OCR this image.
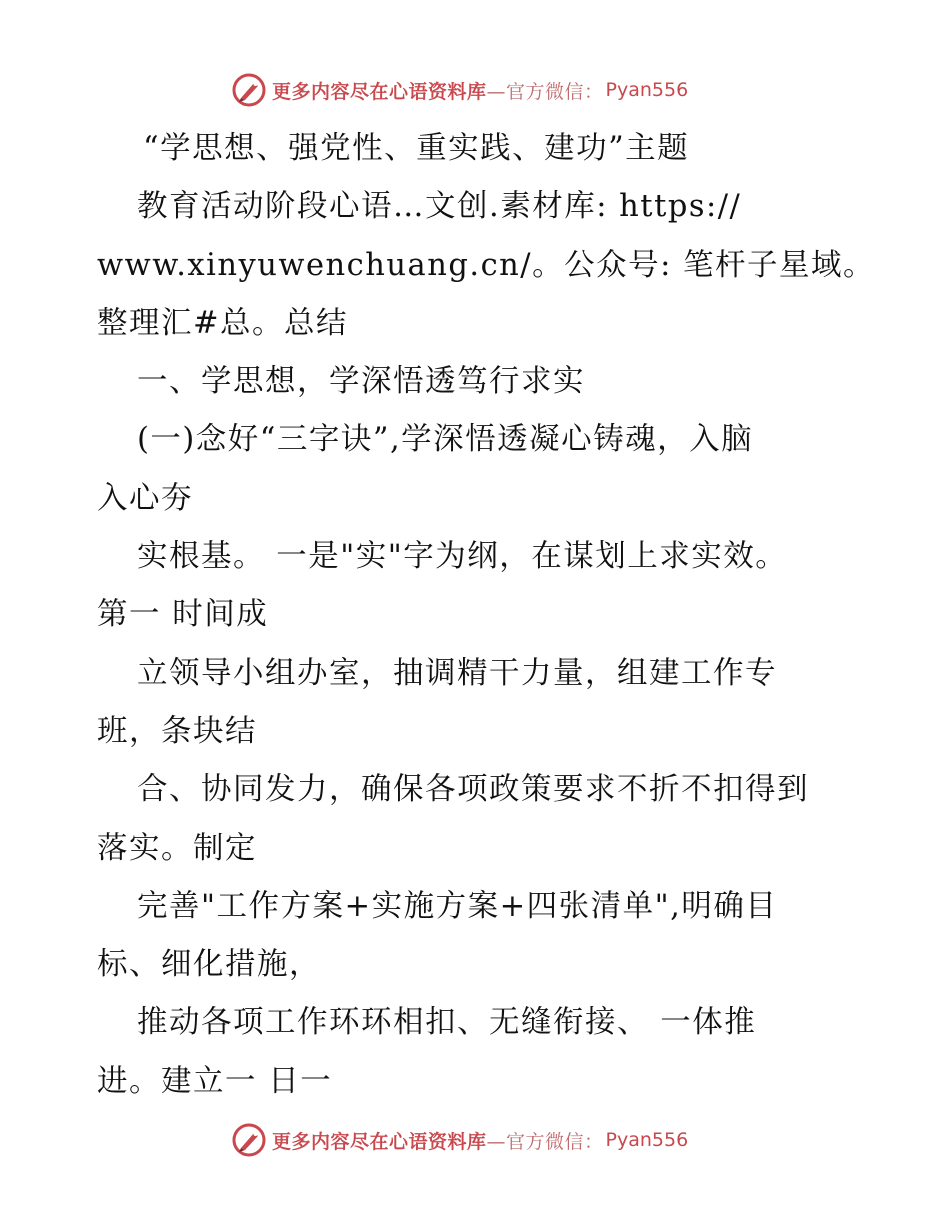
更多内容尽在心语资料库 —官方微信： Pyan556
“学思想、强党性、重实践、建功”主题
教育活动阶段心语…文创.素材库: https://
www.xinyuwenchuang.cn/。公众号: 笔杆子星域。
整理汇#总。总结
一、学思想，学深悟透笃行求实
(一)念好“三字诀”,学深悟透凝心铸魂，入脑
入心夯
实根基。 一是"实"字为纲，在谋划上求实效。
第一 时间成
立领导小组办室，抽调精干力量，组建工作专
班，条块结
合、协同发力，确保各项政策要求不折不扣得到
落实。制定
完善"工作方案+实施方案+四张清单",明确目
标、细化措施，
推动各项工作环环相扣、无缝衔接、 一体推
进。建立一 日一
更多内容尽在心语资料库 —官方微信： Pyan556
